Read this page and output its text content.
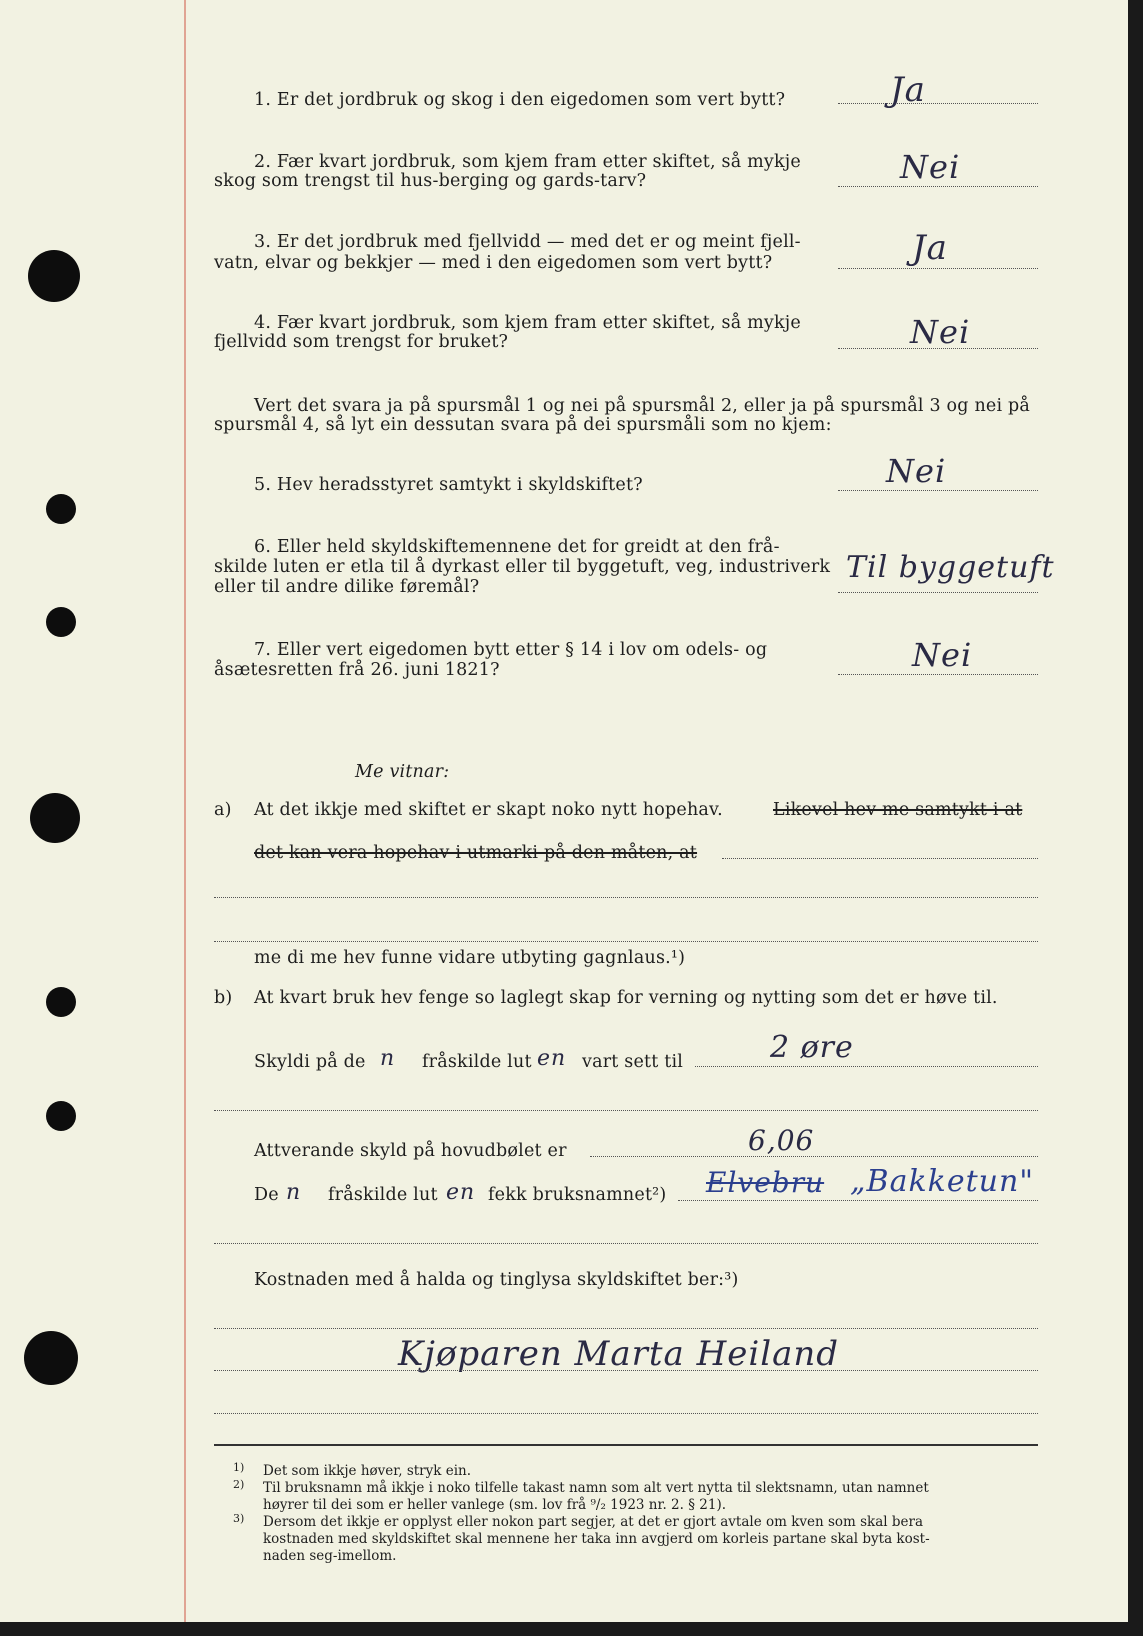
1. Er det jordbruk og skog i den eigedomen som vert bytt?	Ja
2. Fær kvart jordbruk, som kjem fram etter skiftet, så mykje
skog som trengst til hus-berging og gards-tarv?	Nei
3. Er det jordbruk med fjellvidd — med det er og meint fjell-
vatn, elvar og bekkjer — med i den eigedomen som vert bytt?	Ja
4. Fær kvart jordbruk, som kjem fram etter skiftet, så mykje
fjellvidd som trengst for bruket?	Nei
Vert det svara ja på spursmål 1 og nei på spursmål 2, eller ja på spursmål 3 og nei på
spursmål 4, så lyt ein dessutan svara på dei spursmåli som no kjem:
5. Hev heradsstyret samtykt i skyldskiftet?	Nei
6. Eller held skyldskiftemennene det for greidt at den frå-
skilde luten er etla til å dyrkast eller til byggetuft, veg, industriverk
eller til andre dilike føremål?
Til byggetuft
7. Eller vert eigedomen bytt etter § 14 i lov om odels- og
åsætesretten frå 26. juni 1821?	Nei
Me vitnar:
a) At det ikkje med skiftet er skapt noko nytt hopehav.	Likevel hev me samtykt i at
det kan vera hopehav i utmarki på den måten, at
me di me hev funne vidare utbyting gagnlaus.¹)
b) At kvart bruk hev fenge so laglegt skap for verning og nytting som det er høve til.
Skyldi på de n fråskilde lut en vart sett til	2 øre
Attverande skyld på hovudbølet er	6,06
De n fråskilde lut en fekk bruksnamnet²) Elvebru „Bakketun"
Kostnaden med å halda og tinglysa skyldskiftet ber:³)
Kjøparen Marta Heiland
1) Det som ikkje høver, stryk ein.
2) Til bruksnamn må ikkje i noko tilfelle takast namn som alt vert nytta til slektsnamn, utan namnet
høyrer til dei som er heller vanlege (sm. lov frå ⁹/₂ 1923 nr. 2. § 21).
3) Dersom det ikkje er opplyst eller nokon part segjer, at det er gjort avtale om kven som skal bera
kostnaden med skyldskiftet skal mennene her taka inn avgjerd om korleis partane skal byta kost-
naden seg-imellom.
